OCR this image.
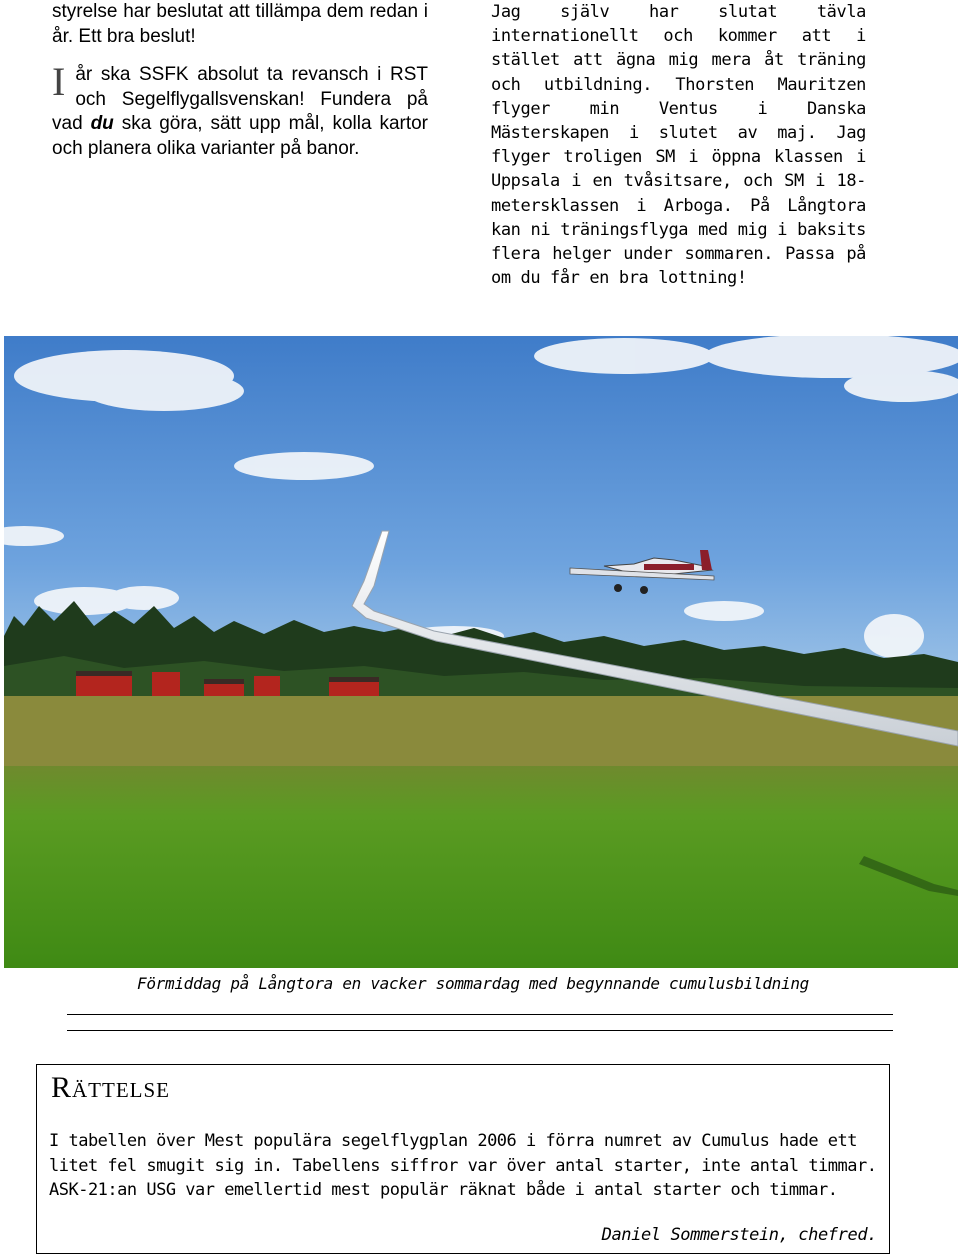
styrelse har beslutat att tillämpa dem redan i år. Ett bra beslut!

I år ska SSFK absolut ta revansch i RST och Segelflygallsvenskan! Fundera på vad du ska göra, sätt upp mål, kolla kartor och planera olika varianter på banor.

Jag själv har slutat tävla internationellt och kommer att i stället att ägna mig mera åt träning och utbildning. Thorsten Mauritzen flyger min Ventus i Danska Mästerskapen i slutet av maj. Jag flyger troligen SM i öppna klassen i Uppsala i en tvåsitsare, och SM i 18-metersklassen i Arboga. På Långtora kan ni träningsflyga med mig i baksits flera helger under sommaren. Passa på om du får en bra lottning!

Förmiddag på Långtora en vacker sommardag med begynnande cumulusbildning
Rättelse
I tabellen över Mest populära segelflygplan 2006 i förra numret av Cumulus hade ett litet fel smugit sig in. Tabellens siffror var över antal starter, inte antal timmar. ASK-21:an USG var emellertid mest populär räknat både i antal starter och timmar.
Daniel Sommerstein, chefred.
